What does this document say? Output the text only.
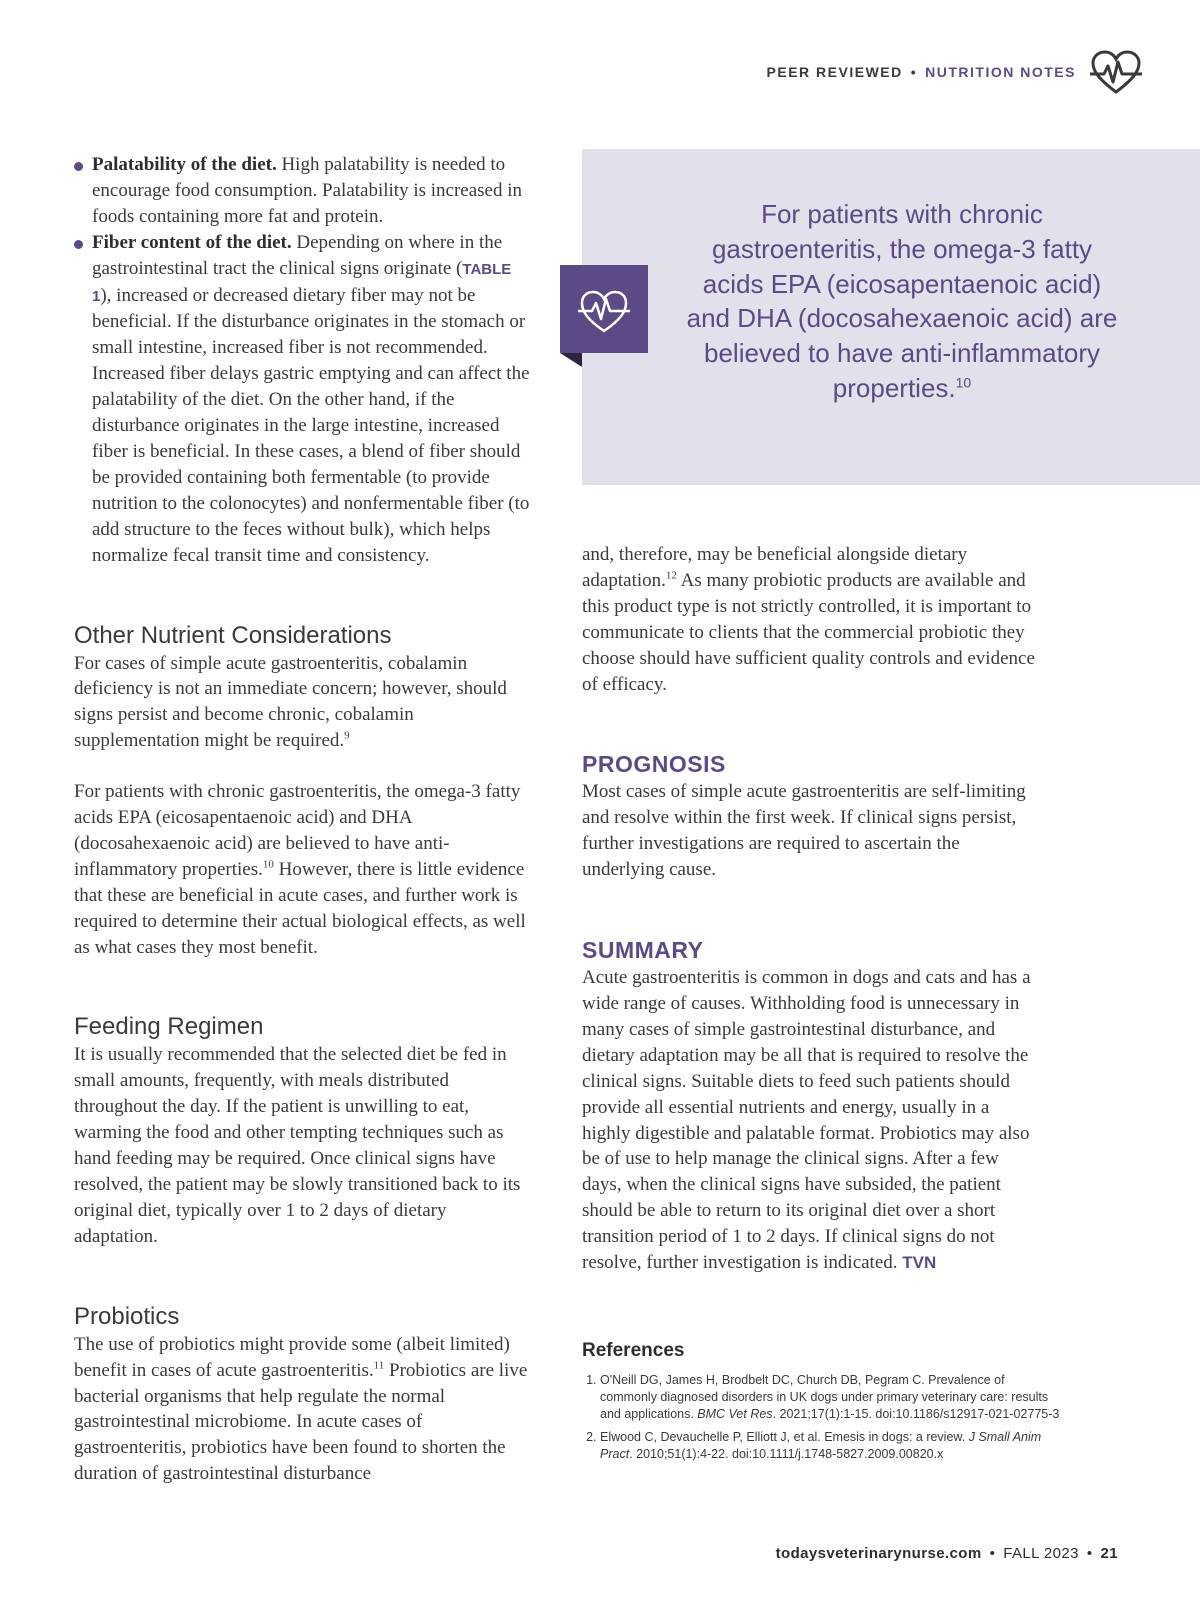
PEER REVIEWED • NUTRITION NOTES
Palatability of the diet. High palatability is needed to encourage food consumption. Palatability is increased in foods containing more fat and protein.
Fiber content of the diet. Depending on where in the gastrointestinal tract the clinical signs originate (TABLE 1), increased or decreased dietary fiber may not be beneficial. If the disturbance originates in the stomach or small intestine, increased fiber is not recommended. Increased fiber delays gastric emptying and can affect the palatability of the diet. On the other hand, if the disturbance originates in the large intestine, increased fiber is beneficial. In these cases, a blend of fiber should be provided containing both fermentable (to provide nutrition to the colonocytes) and nonfermentable fiber (to add structure to the feces without bulk), which helps normalize fecal transit time and consistency.
Other Nutrient Considerations

For cases of simple acute gastroenteritis, cobalamin deficiency is not an immediate concern; however, should signs persist and become chronic, cobalamin supplementation might be required.$^9$

For patients with chronic gastroenteritis, the omega-3 fatty acids EPA (eicosapentaenoic acid) and DHA (docosahexaenoic acid) are believed to have anti-inflammatory properties.$^{10}$ However, there is little evidence that these are beneficial in acute cases, and further work is required to determine their actual biological effects, as well as what cases they most benefit.

Feeding Regimen

It is usually recommended that the selected diet be fed in small amounts, frequently, with meals distributed throughout the day. If the patient is unwilling to eat, warming the food and other tempting techniques such as hand feeding may be required. Once clinical signs have resolved, the patient may be slowly transitioned back to its original diet, typically over 1 to 2 days of dietary adaptation.

Probiotics

The use of probiotics might provide some (albeit limited) benefit in cases of acute gastroenteritis.$^{11}$ Probiotics are live bacterial organisms that help regulate the normal gastrointestinal microbiome. In acute cases of gastroenteritis, probiotics have been found to shorten the duration of gastrointestinal disturbance

For patients with chronic gastroenteritis, the omega-3 fatty acids EPA (eicosapentaenoic acid) and DHA (docosahexaenoic acid) are believed to have anti-inflammatory properties.$^{10}$

and, therefore, may be beneficial alongside dietary adaptation.$^{12}$ As many probiotic products are available and this product type is not strictly controlled, it is important to communicate to clients that the commercial probiotic they choose should have sufficient quality controls and evidence of efficacy.

PROGNOSIS

Most cases of simple acute gastroenteritis are self-limiting and resolve within the first week. If clinical signs persist, further investigations are required to ascertain the underlying cause.

SUMMARY

Acute gastroenteritis is common in dogs and cats and has a wide range of causes. Withholding food is unnecessary in many cases of simple gastrointestinal disturbance, and dietary adaptation may be all that is required to resolve the clinical signs. Suitable diets to feed such patients should provide all essential nutrients and energy, usually in a highly digestible and palatable format. Probiotics may also be of use to help manage the clinical signs. After a few days, when the clinical signs have subsided, the patient should be able to return to its original diet over a short transition period of 1 to 2 days. If clinical signs do not resolve, further investigation is indicated. TVN

References
1. O'Neill DG, James H, Brodbelt DC, Church DB, Pegram C. Prevalence of commonly diagnosed disorders in UK dogs under primary veterinary care: results and applications. BMC Vet Res. 2021;17(1):1-15. doi:10.1186/s12917-021-02775-3
2. Elwood C, Devauchelle P, Elliott J, et al. Emesis in dogs: a review. J Small Anim Pract. 2010;51(1):4-22. doi:10.1111/j.1748-5827.2009.00820.x
todaysveterinarynurse.com • FALL 2023 • 21
